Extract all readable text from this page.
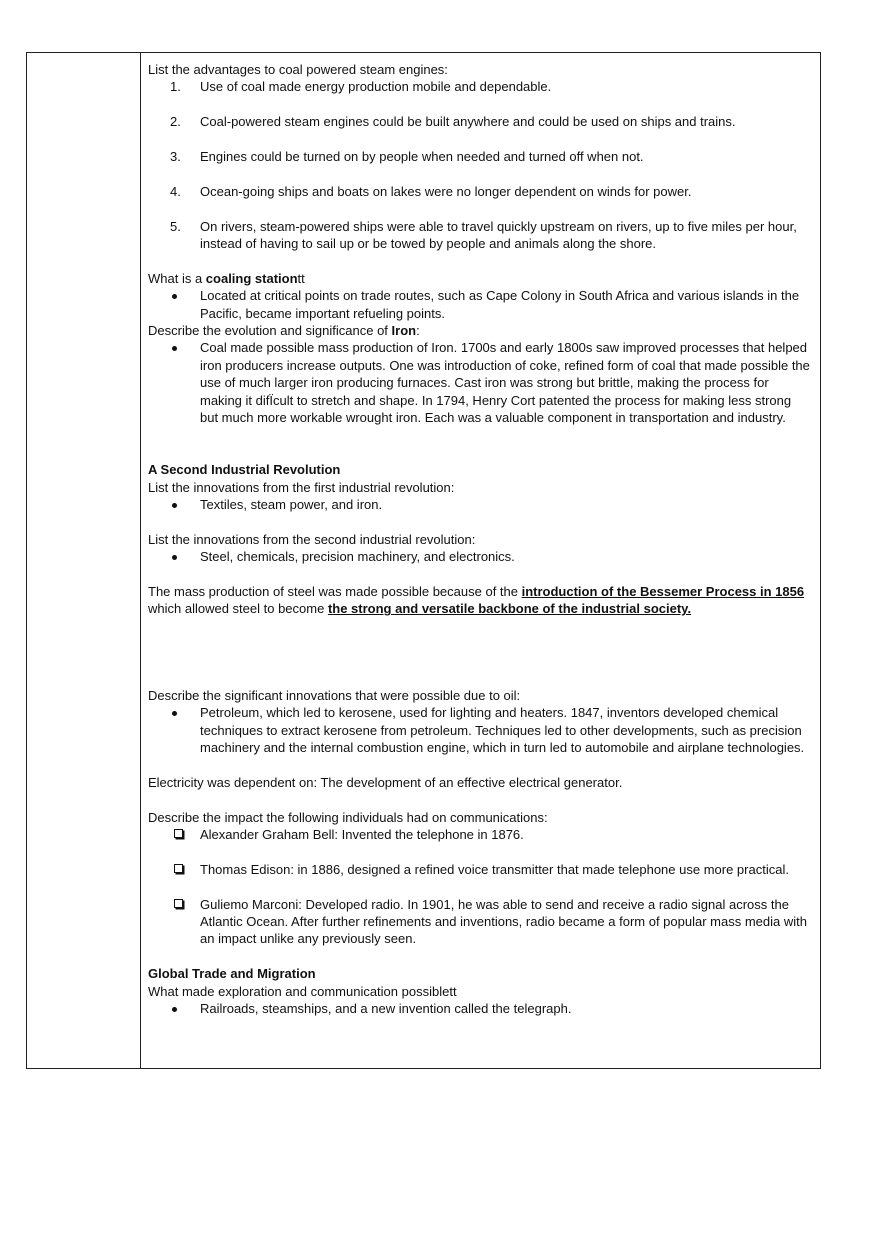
List the advantages to coal powered steam engines:

1.	Use of coal made energy production mobile and dependable.
2.	Coal-powered steam engines could be built anywhere and could be used on ships and trains.
3.	Engines could be turned on by people when needed and turned off when not.
4.	Ocean-going ships and boats on lakes were no longer dependent on winds for power.
5.	On rivers, steam-powered ships were able to travel quickly upstream on rivers, up to five miles per hour, instead of having to sail up or be towed by people and animals along the shore.

What is a coaling stationtt

Located at critical points on trade routes, such as Cape Colony in South Africa and various islands in the Pacific, became important refueling points.

Describe the evolution and significance of Iron:

Coal made possible mass production of Iron. 1700s and early 1800s saw improved processes that helped iron producers increase outputs. One was introduction of coke, refined form of coal that made possible the use of much larger iron producing furnaces. Cast iron was strong but brittle, making the process for making it difÏcult to stretch and shape. In 1794, Henry Cort patented the process for making less strong but much more workable wrought iron. Each was a valuable component in transportation and industry.

A Second Industrial Revolution

List the innovations from the first industrial revolution:

Textiles, steam power, and iron.

List the innovations from the second industrial revolution:

Steel, chemicals, precision machinery, and electronics.

The mass production of steel was made possible because of the introduction of the Bessemer Process in 1856
which allowed steel to become the strong and versatile backbone of the industrial society.

Describe the significant innovations that were possible due to oil:

Petroleum, which led to kerosene, used for lighting and heaters. 1847, inventors developed chemical techniques to extract kerosene from petroleum. Techniques led to other developments, such as precision machinery and the internal combustion engine, which in turn led to automobile and airplane technologies.

Electricity was dependent on: The development of an effective electrical generator.

Describe the impact the following individuals had on communications:

Alexander Graham Bell: Invented the telephone in 1876.
Thomas Edison: in 1886, designed a refined voice transmitter that made telephone use more practical.
Guliemo Marconi: Developed radio. In 1901, he was able to send and receive a radio signal across the Atlantic Ocean. After further refinements and inventions, radio became a form of popular mass media with an impact unlike any previously seen.

Global Trade and Migration

What made exploration and communication possiblett

Railroads, steamships, and a new invention called the telegraph.
